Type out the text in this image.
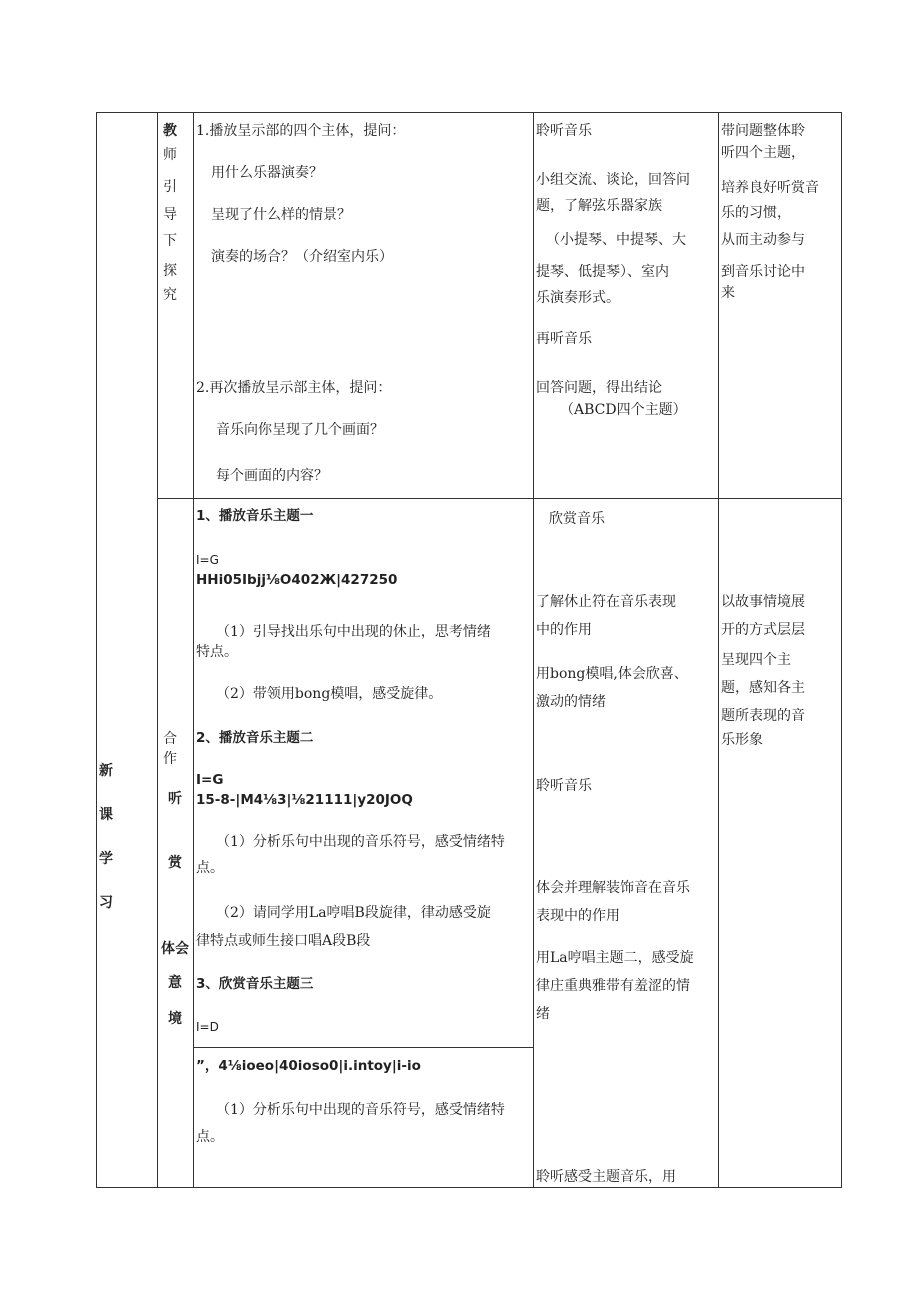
教
师
引
导
下
探
究
1.播放呈示部的四个主体，提问：
用什么乐器演奏？
呈现了什么样的情景？
演奏的场合？（介绍室内乐）
2.再次播放呈示部主体，提问：
音乐向你呈现了几个画面？
每个画面的内容？
聆听音乐
小组交流、谈论，回答问
题，了解弦乐器家族
（小提琴、中提琴、大
提琴、低提琴）、室内
乐演奏形式。
再听音乐
回答问题，得出结论
（ABCD四个主题）
带问题整体聆
听四个主题，
培养良好听赏音
乐的习惯，
从而主动参与
到音乐讨论中
来
新
课
学
习
合
作
听
赏
体会
意
境
1、播放音乐主题一
I=G
HHi05Ibjj⅛O402Ж|427250
（1）引导找出乐句中出现的休止，思考情绪
特点。
（2）带领用bong模唱，感受旋律。
2、播放音乐主题二
I=G
15-8-|M4⅛3|⅛21111|y20JOQ
（1）分析乐句中出现的音乐符号，感受情绪特
点。
（2）请同学用La哼唱B段旋律，律动感受旋
律特点或师生接口唱A段B段
3、欣赏音乐主题三
I=D
”，4⅛ioeo|40ioso0|i.intoy|i-io
（1）分析乐句中出现的音乐符号，感受情绪特
点。
欣赏音乐
了解休止符在音乐表现
中的作用
用bong模唱,体会欣喜、
激动的情绪
聆听音乐
体会并理解装饰音在音乐
表现中的作用
用La哼唱主题二，感受旋
律庄重典雅带有羞涩的情
绪
聆听感受主题音乐，用
以故事情境展
开的方式层层
呈现四个主
题，感知各主
题所表现的音
乐形象
